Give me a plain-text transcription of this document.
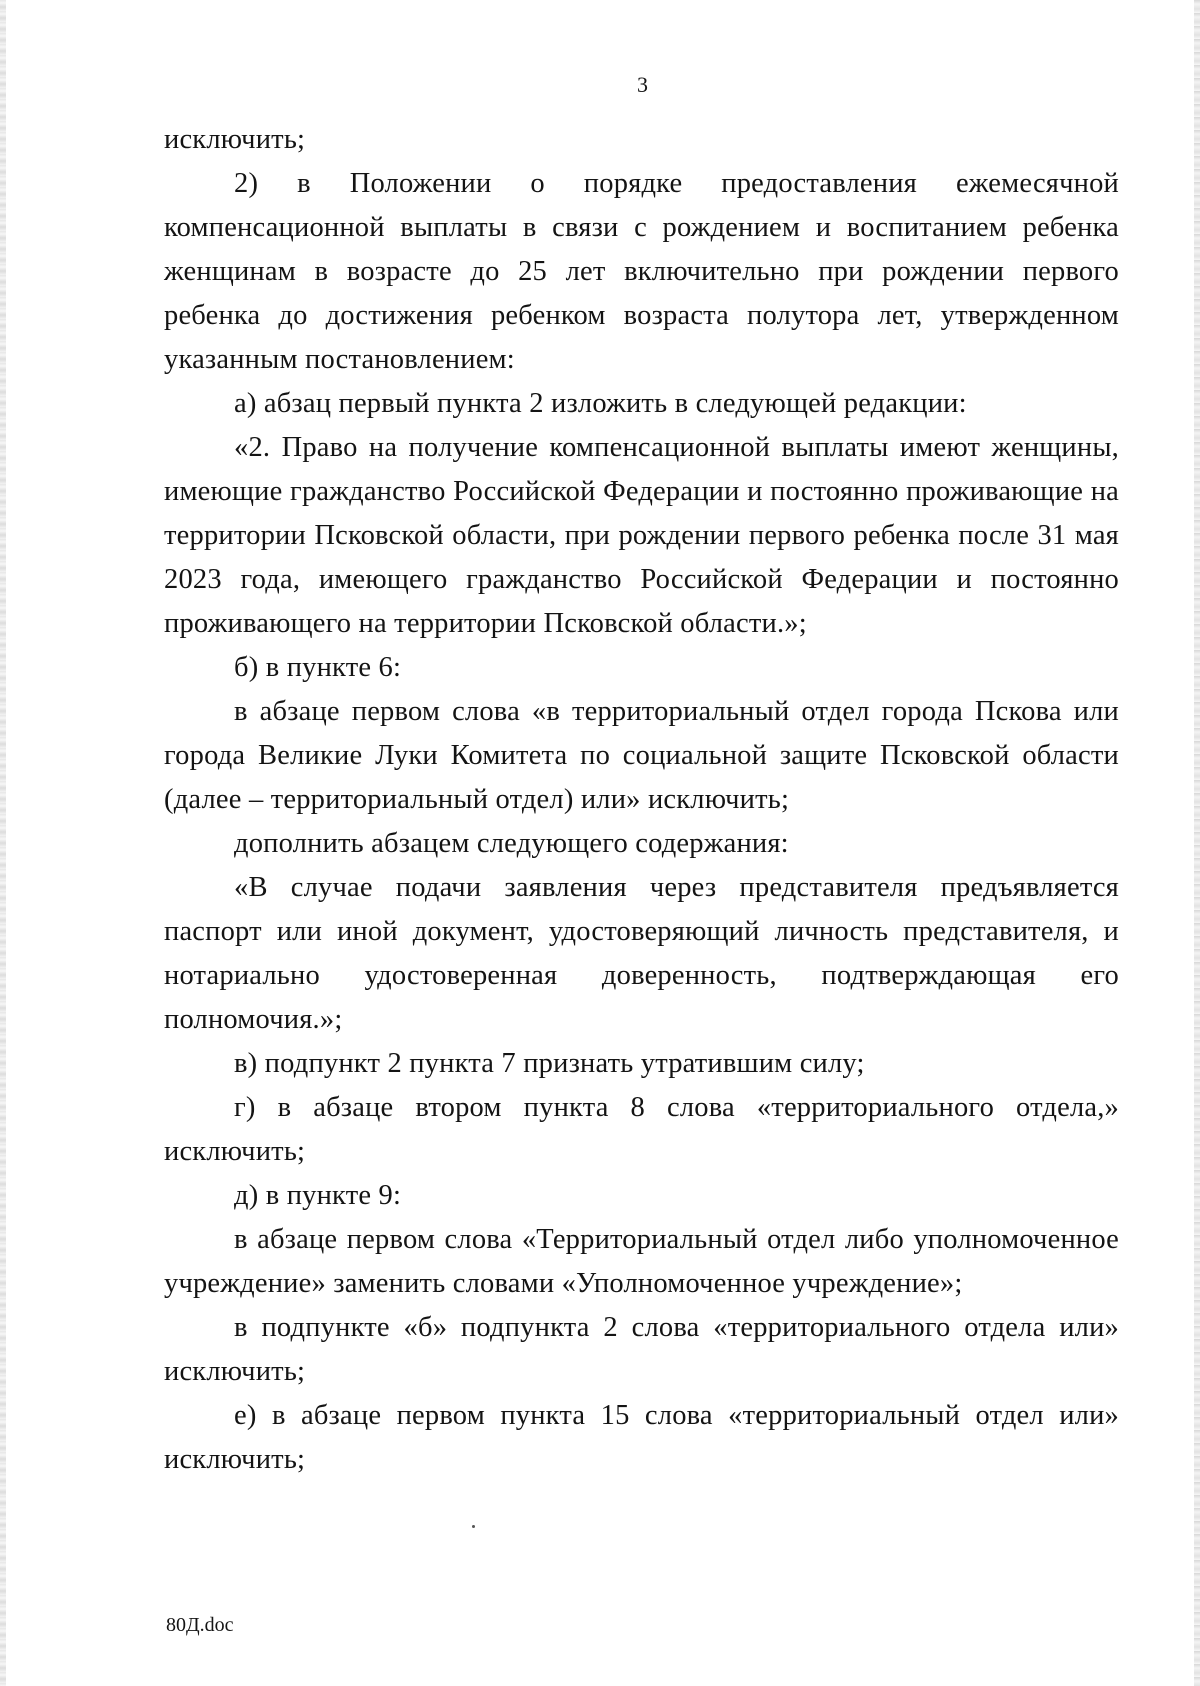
3

исключить;

2) в Положении о порядке предоставления ежемесячной компенсационной выплаты в связи с рождением и воспитанием ребенка женщинам в возрасте до 25 лет включительно при рождении первого ребенка до достижения ребенком возраста полутора лет, утвержденном указанным постановлением:

а) абзац первый пункта 2 изложить в следующей редакции:

«2. Право на получение компенсационной выплаты имеют женщины, имеющие гражданство Российской Федерации и постоянно проживающие на территории Псковской области, при рождении первого ребенка после 31 мая 2023 года, имеющего гражданство Российской Федерации и постоянно проживающего на территории Псковской области.»;

б) в пункте 6:

в абзаце первом слова «в территориальный отдел города Пскова или города Великие Луки Комитета по социальной защите Псковской области (далее – территориальный отдел) или» исключить;

дополнить абзацем следующего содержания:

«В случае подачи заявления через представителя предъявляется паспорт или иной документ, удостоверяющий личность представителя, и нотариально удостоверенная доверенность, подтверждающая его полномочия.»;

в) подпункт 2 пункта 7 признать утратившим силу;

г) в абзаце втором пункта 8 слова «территориального отдела,» исключить;

д) в пункте 9:

в абзаце первом слова «Территориальный отдел либо уполномоченное учреждение» заменить словами «Уполномоченное учреждение»;

в подпункте «б» подпункта 2 слова «территориального отдела или» исключить;

е) в абзаце первом пункта 15 слова «территориальный отдел или» исключить;

80Д.doc
